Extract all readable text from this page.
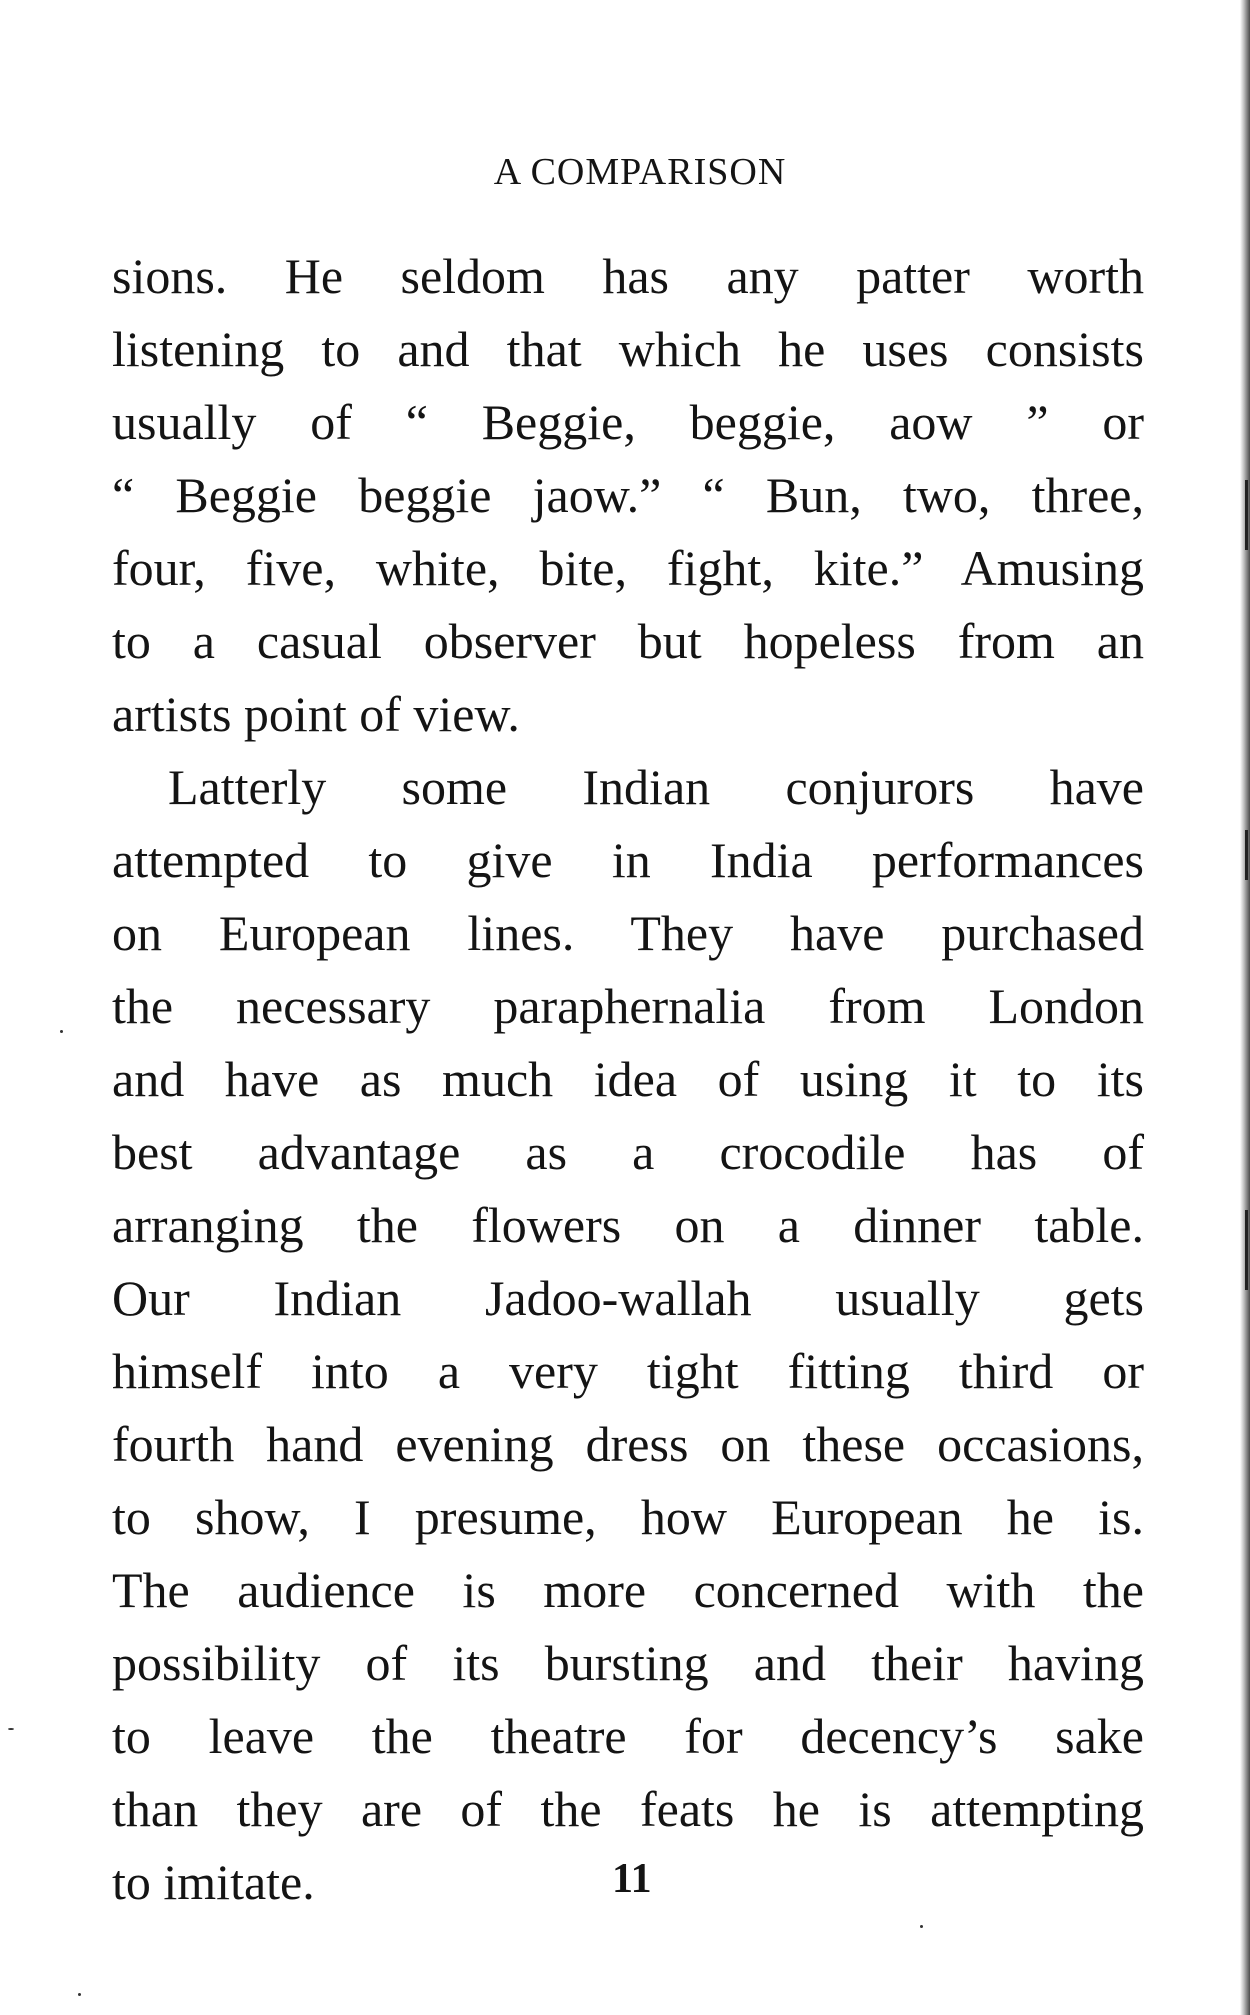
A COMPARISON
sions. He seldom has any patter worth
listening to and that which he uses consists
usually of “ Beggie, beggie, aow ” or
“ Beggie beggie jaow.” “ Bun, two, three,
four, five, white, bite, fight, kite.” Amusing
to a casual observer but hopeless from an
artists point of view.
Latterly some Indian conjurors have
attempted to give in India performances
on European lines. They have purchased
the necessary paraphernalia from London
and have as much idea of using it to its
best advantage as a crocodile has of
arranging the flowers on a dinner table.
Our Indian Jadoo-wallah usually gets
himself into a very tight fitting third or
fourth hand evening dress on these occasions,
to show, I presume, how European he is.
The audience is more concerned with the
possibility of its bursting and their having
to leave the theatre for decency’s sake
than they are of the feats he is attempting
to imitate.	11
